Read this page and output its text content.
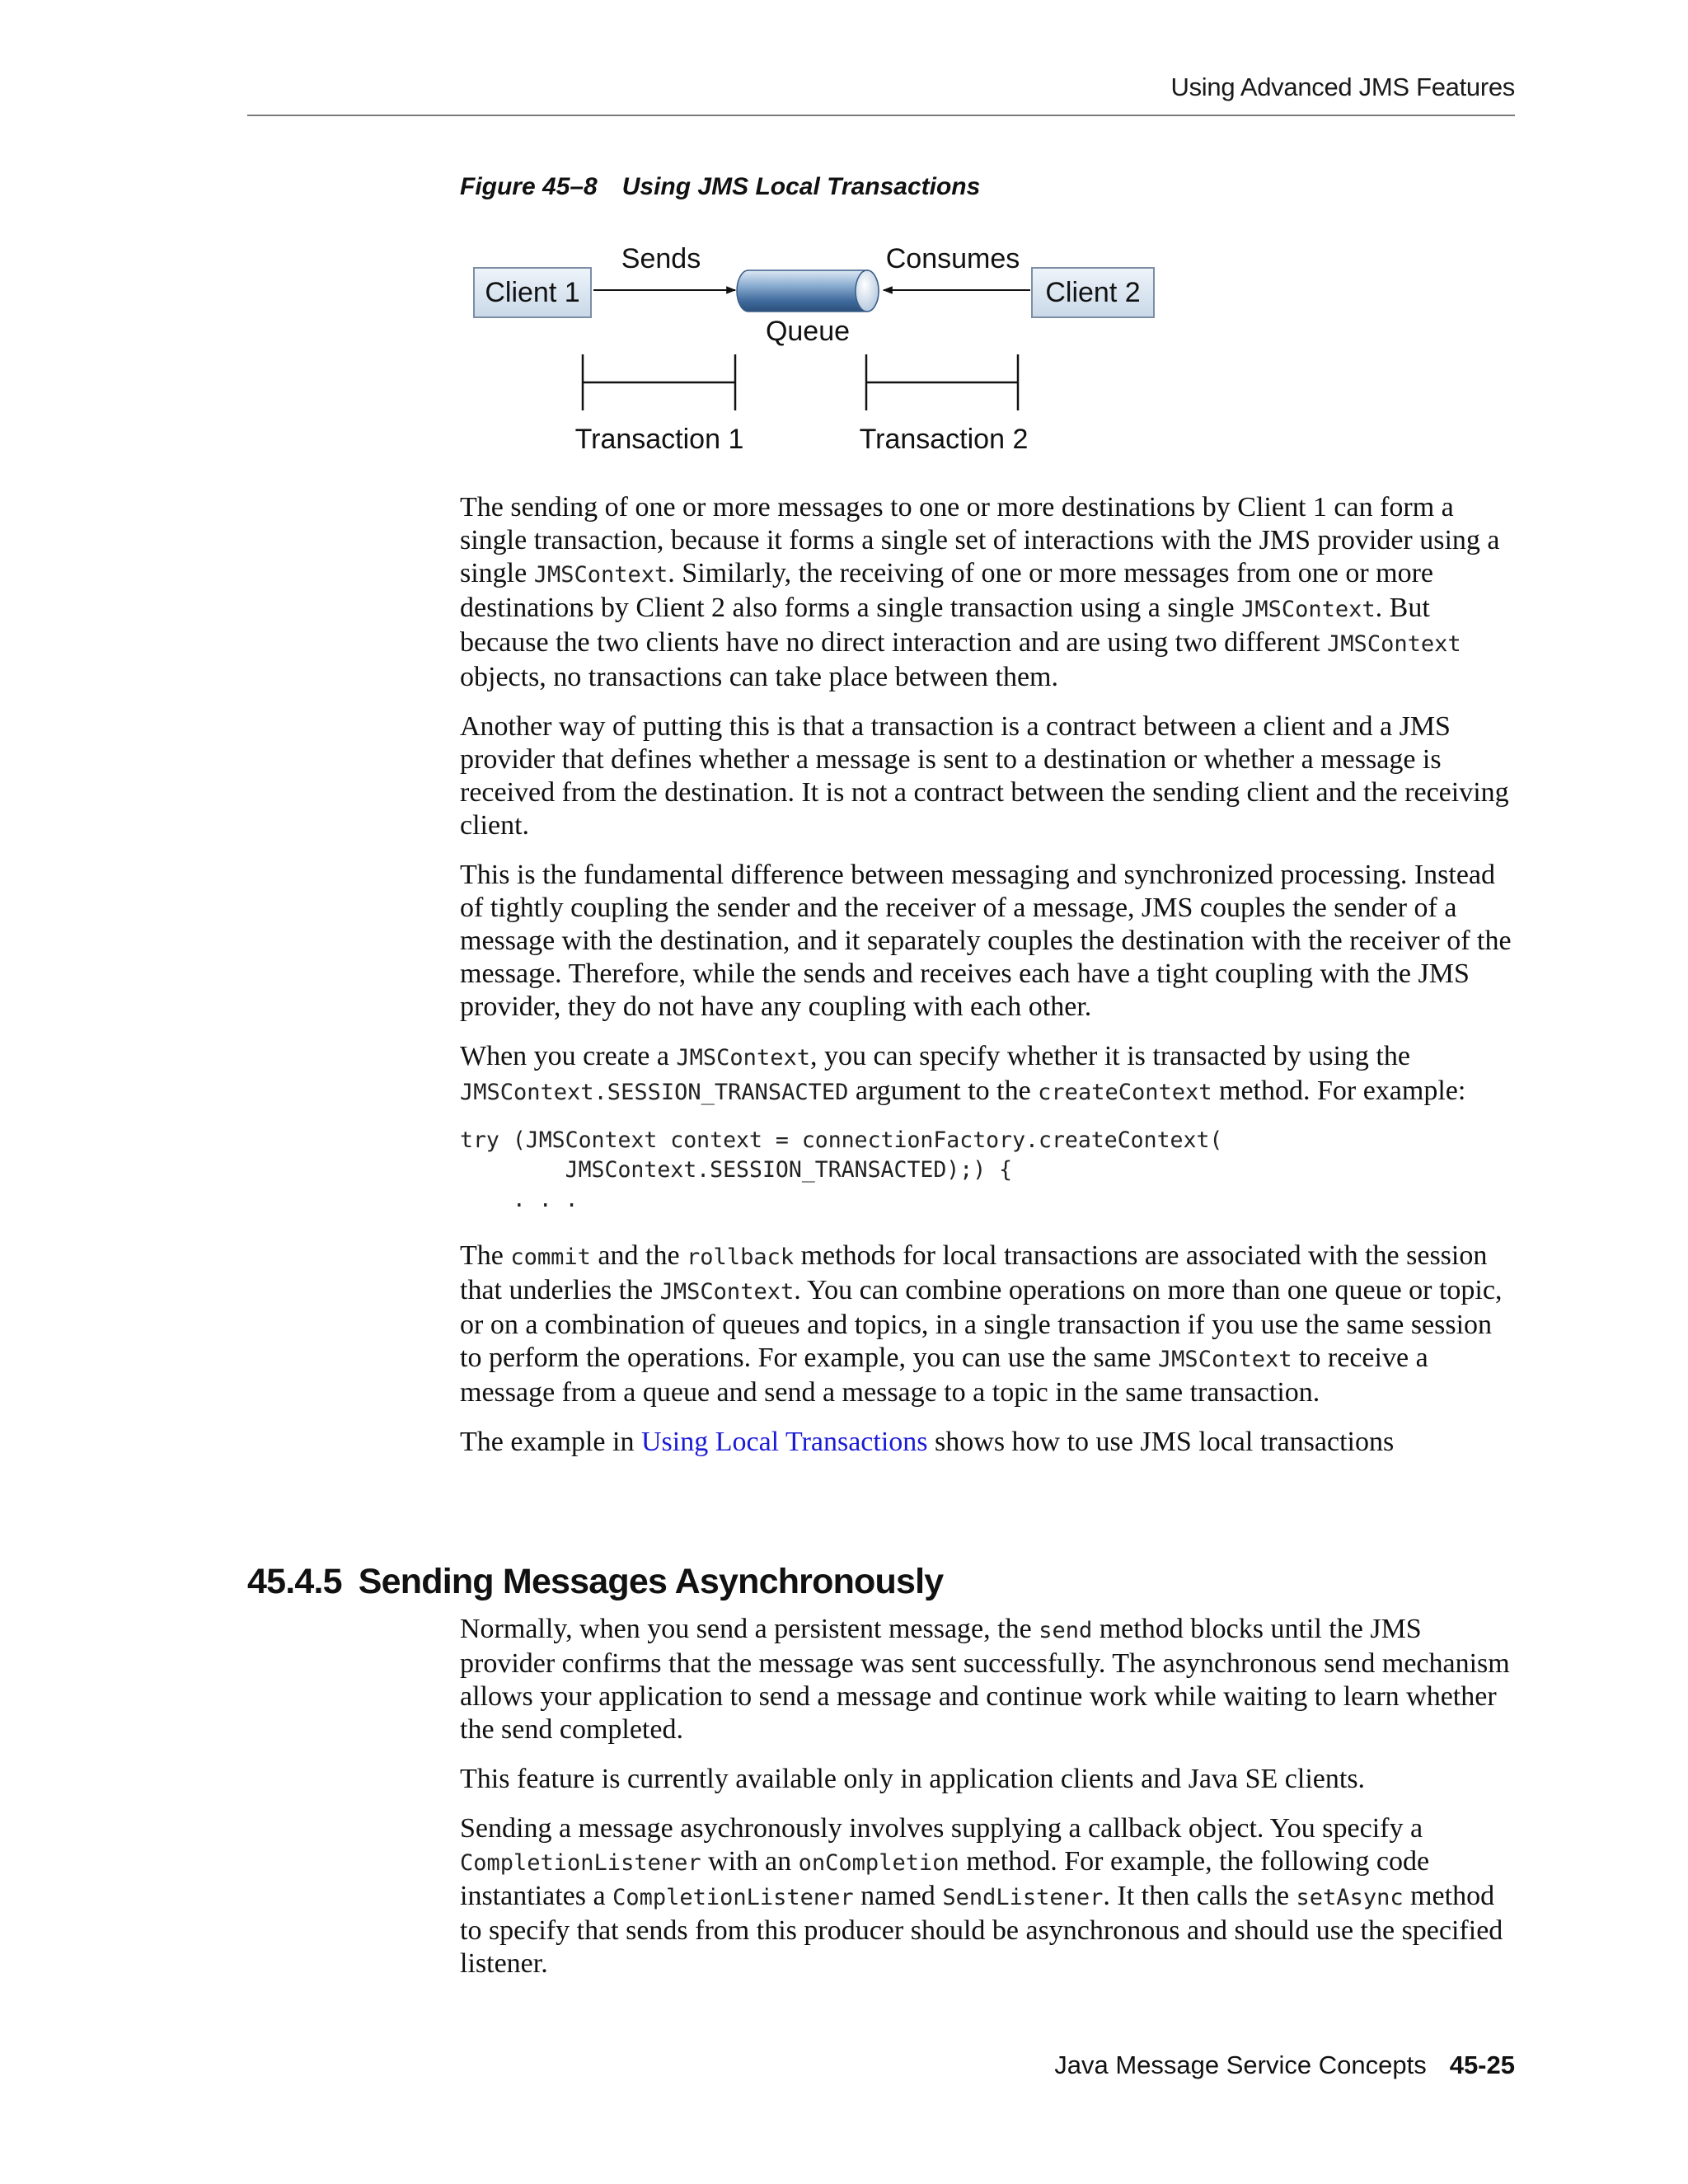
Using Advanced JMS Features
Figure 45–8 Using JMS Local Transactions
Client 1	Client 2
Sends	Consumes
Queue
Transaction 1	Transaction 2

The sending of one or more messages to one or more destinations by Client 1 can form a single transaction, because it forms a single set of interactions with the JMS provider using a single JMSContext. Similarly, the receiving of one or more messages from one or more destinations by Client 2 also forms a single transaction using a single JMSContext. But because the two clients have no direct interaction and are using two different JMSContext objects, no transactions can take place between them.

Another way of putting this is that a transaction is a contract between a client and a JMS provider that defines whether a message is sent to a destination or whether a message is received from the destination. It is not a contract between the sending client and the receiving client.

This is the fundamental difference between messaging and synchronized processing. Instead of tightly coupling the sender and the receiver of a message, JMS couples the sender of a message with the destination, and it separately couples the destination with the receiver of the message. Therefore, while the sends and receives each have a tight coupling with the JMS provider, they do not have any coupling with each other.

When you create a JMSContext, you can specify whether it is transacted by using the JMSContext.SESSION_TRANSACTED argument to the createContext method. For example:

try (JMSContext context = connectionFactory.createContext(
JMSContext.SESSION_TRANSACTED);) {
. . .

The commit and the rollback methods for local transactions are associated with the session that underlies the JMSContext. You can combine operations on more than one queue or topic, or on a combination of queues and topics, in a single transaction if you use the same session to perform the operations. For example, you can use the same JMSContext to receive a message from a queue and send a message to a topic in the same transaction.

The example in Using Local Transactions shows how to use JMS local transactions

45.4.5 Sending Messages Asynchronously

Normally, when you send a persistent message, the send method blocks until the JMS provider confirms that the message was sent successfully. The asynchronous send mechanism allows your application to send a message and continue work while waiting to learn whether the send completed.

This feature is currently available only in application clients and Java SE clients.

Sending a message asychronously involves supplying a callback object. You specify a CompletionListener with an onCompletion method. For example, the following code instantiates a CompletionListener named SendListener. It then calls the setAsync method to specify that sends from this producer should be asynchronous and should use the specified listener.

Java Message Service Concepts 45-25
